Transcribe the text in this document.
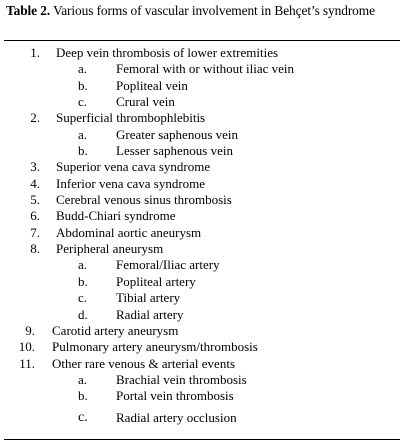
Table 2. Various forms of vascular involvement in Behçet’s syndrome
1. Deep vein thrombosis of lower extremities
a.	Femoral with or without iliac vein
b.	Popliteal vein
c.	Crural vein
2. Superficial thrombophlebitis
a.	Greater saphenous vein
b.	Lesser saphenous vein
3. Superior vena cava syndrome
4. Inferior vena cava syndrome
5. Cerebral venous sinus thrombosis
6. Budd-Chiari syndrome
7. Abdominal aortic aneurysm
8. Peripheral aneurysm
a.	Femoral/Iliac artery
b.	Popliteal artery
c.	Tibial artery
d.	Radial artery
9. Carotid artery aneurysm
10. Pulmonary artery aneurysm/thrombosis
11. Other rare venous & arterial events
a.	Brachial vein thrombosis
b.	Portal vein thrombosis
c.	Radial artery occlusion
